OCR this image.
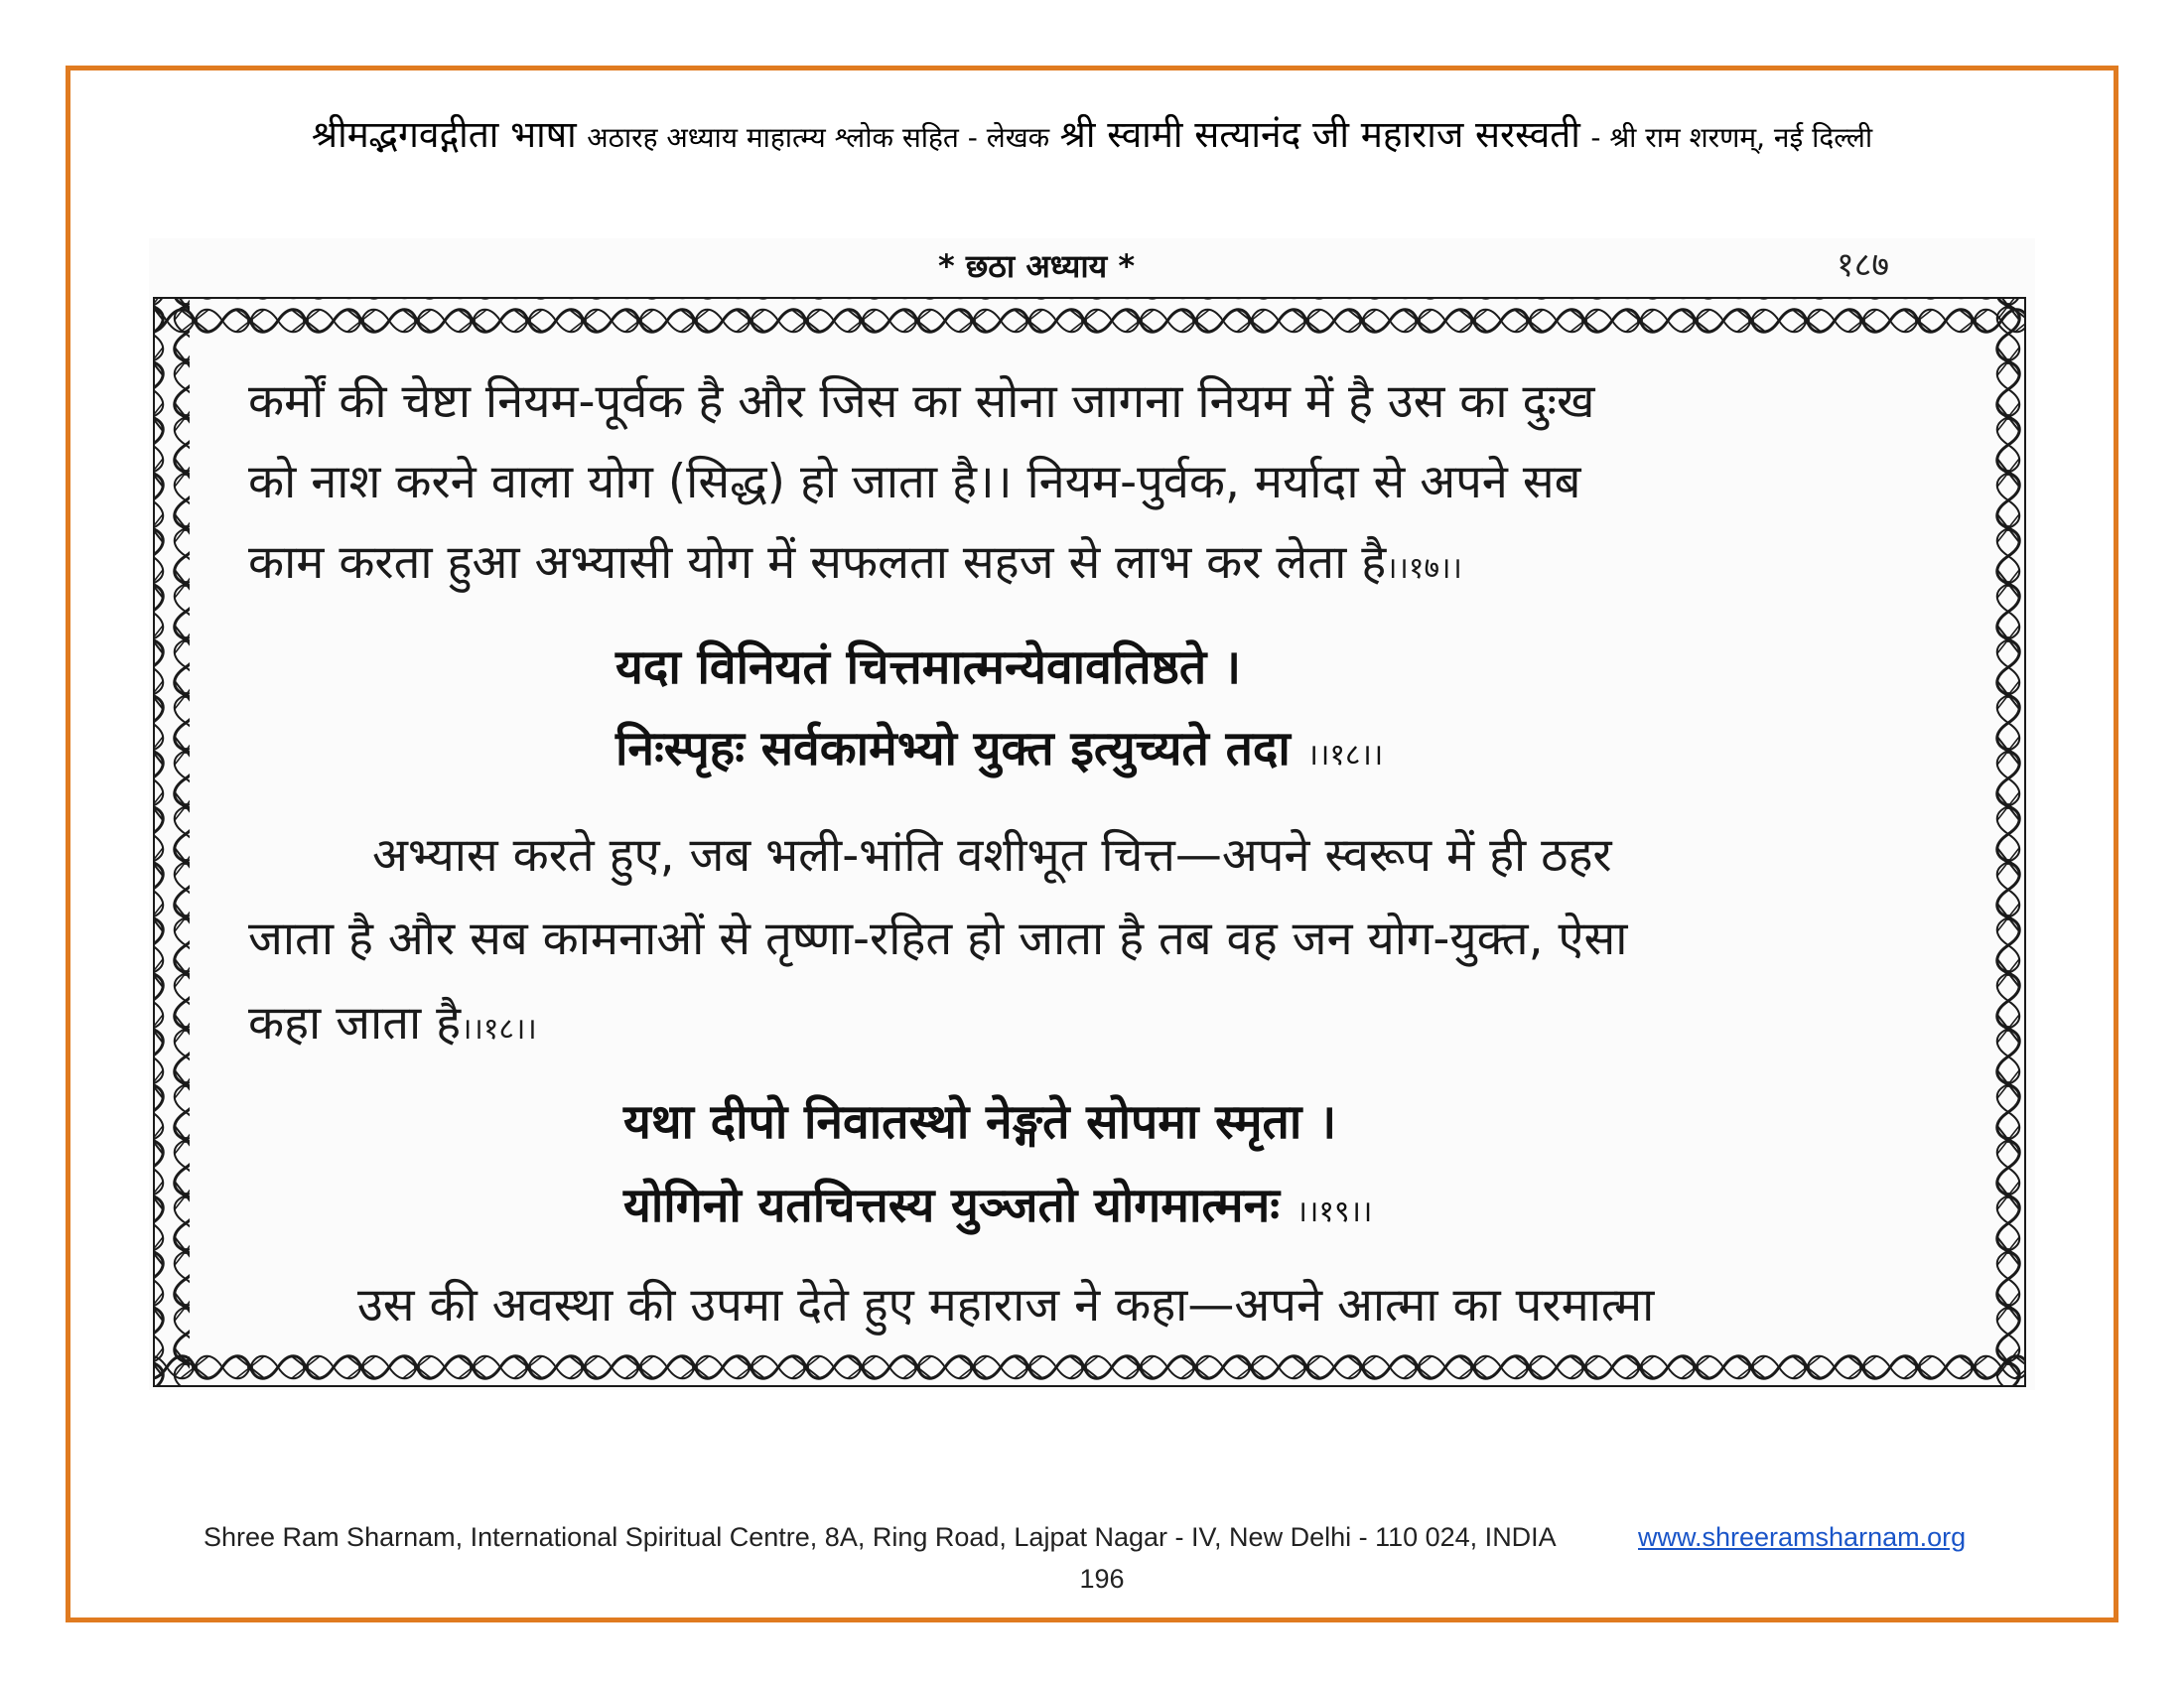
श्रीमद्भगवद्गीता भाषा अठारह अध्याय माहात्म्य श्लोक सहित - लेखक श्री स्वामी सत्यानंद जी महाराज सरस्वती - श्री राम शरणम्, नई दिल्ली
* छठा अध्याय *	१८७
कर्मों की चेष्टा नियम-पूर्वक है और जिस का सोना जागना नियम में है उस का दुःख
को नाश करने वाला योग (सिद्ध) हो जाता है।। नियम-पुर्वक, मर्यादा से अपने सब
काम करता हुआ अभ्यासी योग में सफलता सहज से लाभ कर लेता है।।१७।।
यदा विनियतं चित्तमात्मन्येवावतिष्ठते ।
निःस्पृहः सर्वकामेभ्यो युक्त इत्युच्यते तदा ।।१८।।
अभ्यास करते हुए, जब भली-भांति वशीभूत चित्त—अपने स्वरूप में ही ठहर
जाता है और सब कामनाओं से तृष्णा-रहित हो जाता है तब वह जन योग-युक्त, ऐसा
कहा जाता है।।१८।।
यथा दीपो निवातस्थो नेङ्गते सोपमा स्मृता ।
योगिनो यतचित्तस्य युञ्जतो योगमात्मनः ।।१९।।
उस की अवस्था की उपमा देते हुए महाराज ने कहा—अपने आत्मा का परमात्मा
Shree Ram Sharnam, International Spiritual Centre, 8A, Ring Road, Lajpat Nagar - IV, New Delhi - 110 024, INDIA	www.shreeramsharnam.org
196
